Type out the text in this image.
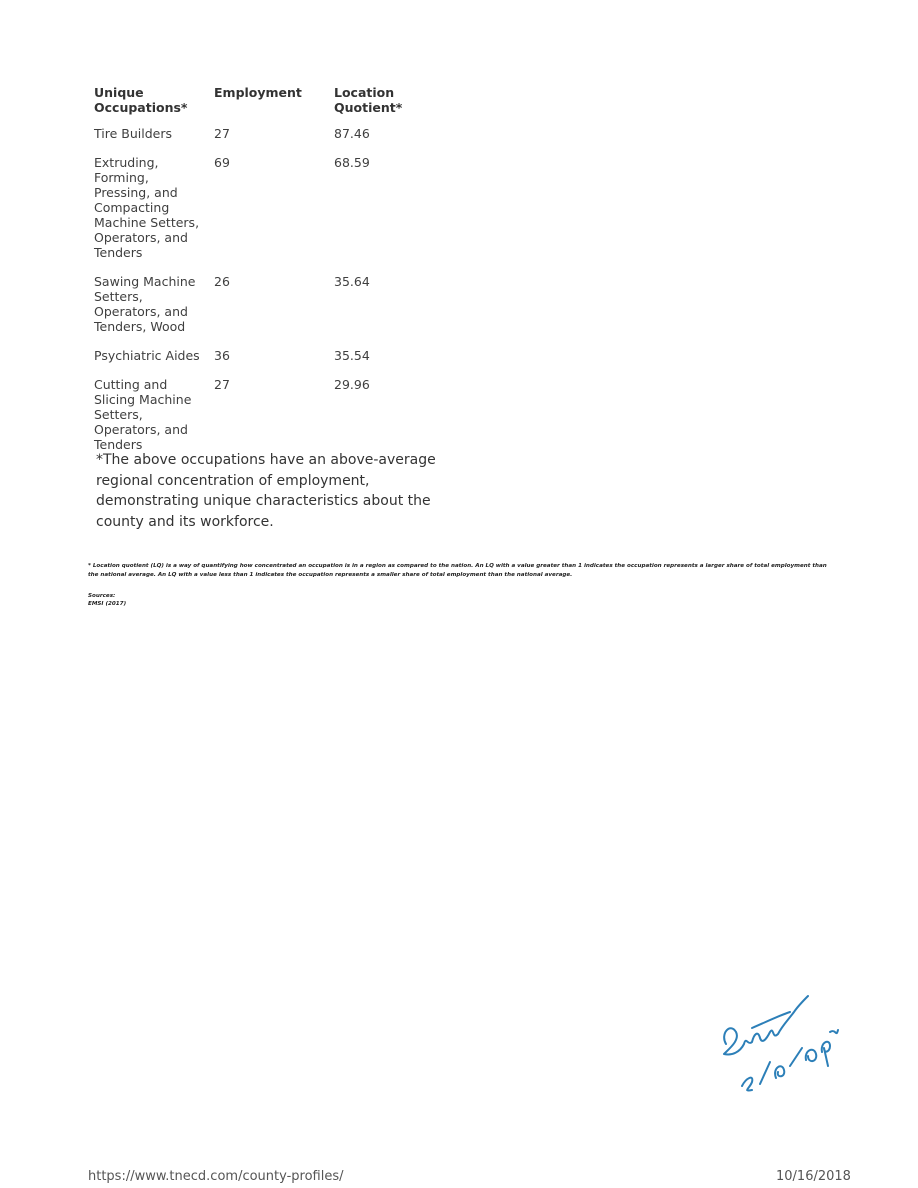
Unique Occupations*	Employment	Location Quotient*
Tire Builders	27	87.46
Extruding, Forming, Pressing, and Compacting Machine Setters, Operators, and Tenders	69	68.59
Sawing Machine Setters, Operators, and Tenders, Wood	26	35.64
Psychiatric Aides	36	35.54
Cutting and Slicing Machine Setters, Operators, and Tenders	27	29.96

*The above occupations have an above-average regional concentration of employment, demonstrating unique characteristics about the county and its workforce.

* Location quotient (LQ) is a way of quantifying how concentrated an occupation is in a region as compared to the nation. An LQ with a value greater than 1 indicates the occupation represents a larger share of total employment than the national average. An LQ with a value less than 1 indicates the occupation represents a smaller share of total employment than the national average.

Sources:
EMSI (2017)
https://www.tnecd.com/county-profiles/	10/16/2018
